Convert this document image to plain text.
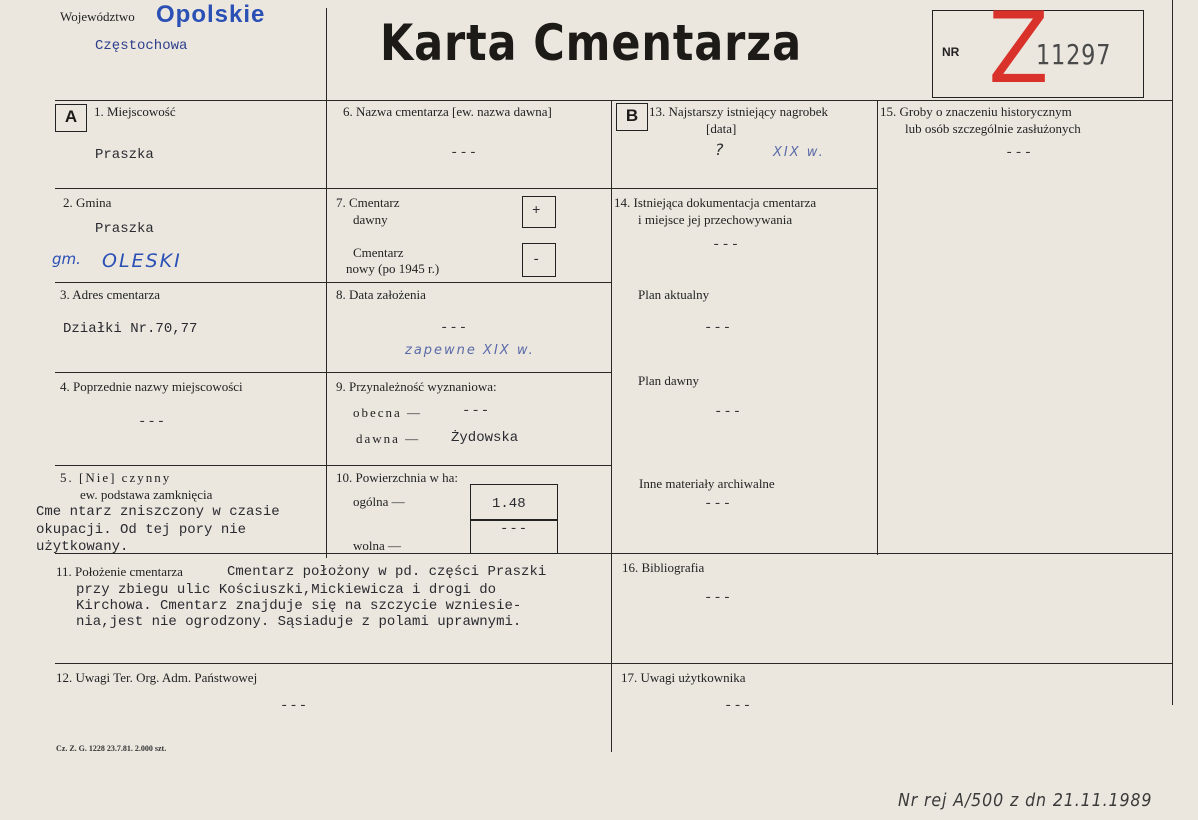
Województwo Opolskie
Częstochowa	Karta Cmentarza	NR Z
11297
A	1. Miejscowość
Praszka
2. Gmina
Praszka
gm. OLESKI
3. Adres cmentarza
Działki Nr.70,77
4. Poprzednie nazwy miejscowości
---
5. [Nie] czynny
ew. podstawa zamknięcia
Cme ntarz zniszczony w czasie
okupacji. Od tej pory nie
użytkowany.
6. Nazwa cmentarza [ew. nazwa dawna]
---
7. Cmentarz
dawny
+
Cmentarz
nowy (po 1945 r.)
-
8. Data założenia
---
zapewne XIX w.
9. Przynależność wyznaniowa:
obecna —	---
dawna — Żydowska
10. Powierzchnia w ha:
ogólna —	1.48
wolna —
---
11. Położenie cmentarza	Cmentarz położony w pd. części Praszki
przy zbiegu ulic Kościuszki,Mickiewicza i drogi do
Kirchowa. Cmentarz znajduje się na szczycie wzniesie-
nia,jest nie ogrodzony. Sąsiaduje z polami uprawnymi.
12. Uwagi Ter. Org. Adm. Państwowej
---
Cz. Z. G. 1228 23.7.81. 2.000 szt.
B 13. Najstarszy istniejący nagrobek
[data]
?	XIX w.
14. Istniejąca dokumentacja cmentarza
i miejsce jej przechowywania
---
Plan aktualny
---
Plan dawny
---
Inne materiały archiwalne
---
15. Groby o znaczeniu historycznym
lub osób szczególnie zasłużonych
---
16. Bibliografia
---
17. Uwagi użytkownika
---
Nr rej A/500 z dn 21.11.1989
